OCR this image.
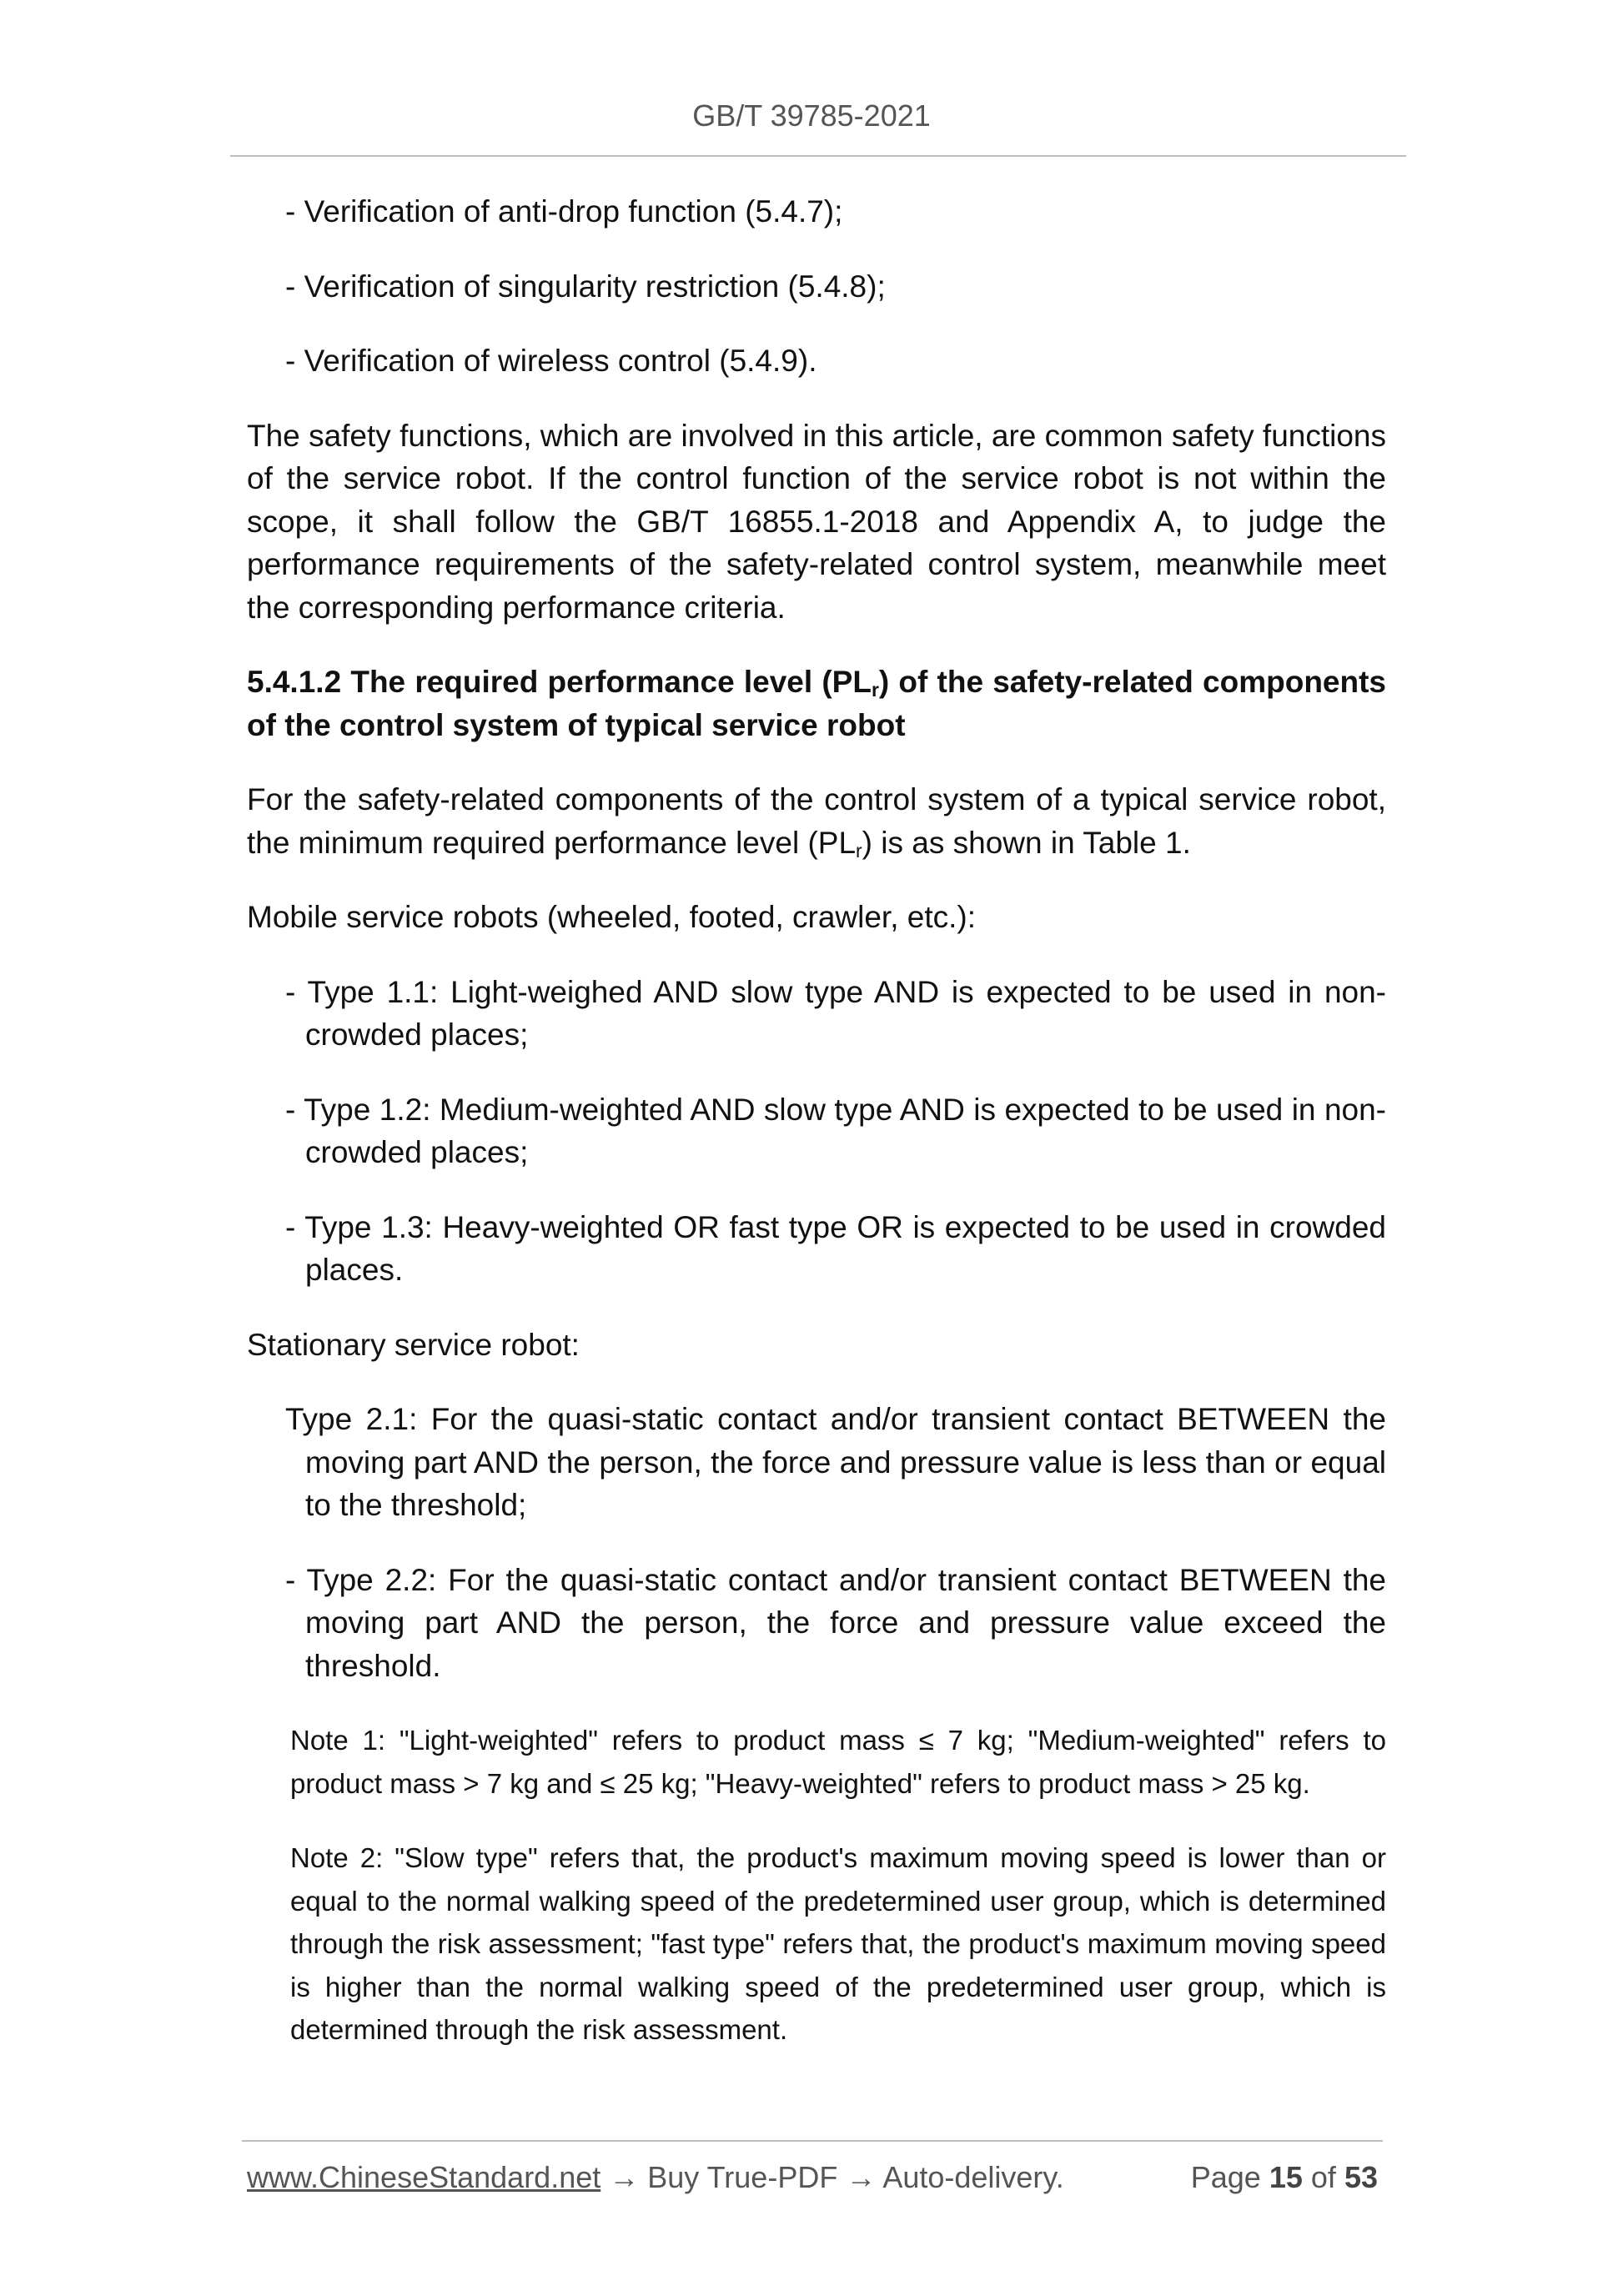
GB/T 39785-2021
- Verification of anti-drop function (5.4.7);
- Verification of singularity restriction (5.4.8);
- Verification of wireless control (5.4.9).

The safety functions, which are involved in this article, are common safety functions of the service robot. If the control function of the service robot is not within the scope, it shall follow the GB/T 16855.1-2018 and Appendix A, to judge the performance requirements of the safety-related control system, meanwhile meet the corresponding performance criteria.

5.4.1.2 The required performance level $(PL_r)$ of the safety-related components of the control system of typical service robot

For the safety-related components of the control system of a typical service robot, the minimum required performance level $(PL_r)$ is as shown in Table 1.

Mobile service robots (wheeled, footed, crawler, etc.):

- Type 1.1: Light-weighed AND slow type AND is expected to be used in non-crowded places;
- Type 1.2: Medium-weighted AND slow type AND is expected to be used in non-crowded places;
- Type 1.3: Heavy-weighted OR fast type OR is expected to be used in crowded places.

Stationary service robot:

Type 2.1: For the quasi-static contact and/or transient contact BETWEEN the moving part AND the person, the force and pressure value is less than or equal to the threshold;
- Type 2.2: For the quasi-static contact and/or transient contact BETWEEN the moving part AND the person, the force and pressure value exceed the threshold.

Note 1: "Light-weighted" refers to product mass ≤ 7 kg; "Medium-weighted" refers to product mass > 7 kg and ≤ 25 kg; "Heavy-weighted" refers to product mass > 25 kg.

Note 2: "Slow type" refers that, the product's maximum moving speed is lower than or equal to the normal walking speed of the predetermined user group, which is determined through the risk assessment; "fast type" refers that, the product's maximum moving speed is higher than the normal walking speed of the predetermined user group, which is determined through the risk assessment.

www.ChineseStandard.net → Buy True-PDF → Auto-delivery.	Page 15 of 53
